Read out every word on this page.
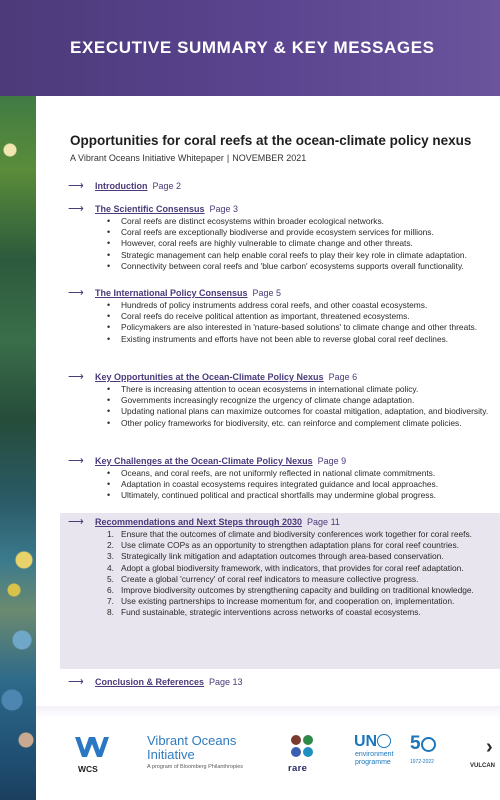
EXECUTIVE SUMMARY & KEY MESSAGES
Opportunities for coral reefs at the ocean-climate policy nexus
A Vibrant Oceans Initiative Whitepaper | NOVEMBER 2021
⟶ Introduction Page 2
⟶ The Scientific Consensus Page 3
• Coral reefs are distinct ecosystems within broader ecological networks.
• Coral reefs are exceptionally biodiverse and provide ecosystem services for millions.
• However, coral reefs are highly vulnerable to climate change and other threats.
• Strategic management can help enable coral reefs to play their key role in climate adaptation.
• Connectivity between coral reefs and 'blue carbon' ecosystems supports overall functionality.
⟶ The International Policy Consensus Page 5
• Hundreds of policy instruments address coral reefs, and other coastal ecosystems.
• Coral reefs do receive political attention as important, threatened ecosystems.
• Policymakers are also interested in 'nature-based solutions' to climate change and other threats.
• Existing instruments and efforts have not been able to reverse global coral reef declines.
⟶ Key Opportunities at the Ocean-Climate Policy Nexus Page 6
• There is increasing attention to ocean ecosystems in international climate policy.
• Governments increasingly recognize the urgency of climate change adaptation.
• Updating national plans can maximize outcomes for coastal mitigation, adaptation, and biodiversity.
• Other policy frameworks for biodiversity, etc. can reinforce and complement climate policies.
⟶ Key Challenges at the Ocean-Climate Policy Nexus Page 9
• Oceans, and coral reefs, are not uniformly reflected in national climate commitments.
• Adaptation in coastal ecosystems requires integrated guidance and local approaches.
• Ultimately, continued political and practical shortfalls may undermine global progress.
⟶ Recommendations and Next Steps through 2030 Page 11
1. Ensure that the outcomes of climate and biodiversity conferences work together for coral reefs.
2. Use climate COPs as an opportunity to strengthen adaptation plans for coral reef countries.
3. Strategically link mitigation and adaptation outcomes through area-based conservation.
4. Adopt a global biodiversity framework, with indicators, that provides for coral reef adaptation.
5. Create a global 'currency' of coral reef indicators to measure collective progress.
6. Improve biodiversity outcomes by strengthening capacity and building on traditional knowledge.
7. Use existing partnerships to increase momentum for, and cooperation on, implementation.
8. Fund sustainable, strategic interventions across networks of coastal ecosystems.
⟶ Conclusion & References Page 13
WCS
Vibrant Oceans
Initiative
A program of Bloomberg Philanthropies	rare
UN
environment
programme
5
1972-2022
›
VULCAN
